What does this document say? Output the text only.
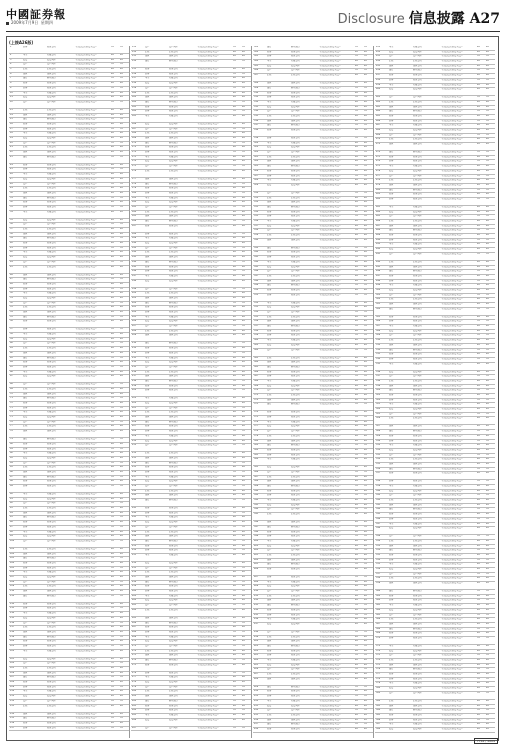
中國証券報
2009年7月9日 星期四	Disclosure 信息披露 A27
(上接A26版)
1	证券	股份公司	个人投资者出资入资户	55	55
2	基金	有限公司	个人投资者出资入资户	26	26
3	投资	投资管理	个人投资者出资入资户	28	28
4	资产	资产管理	个人投资者出资入资户	55	55
5	信托	信托公司	个人投资者出资入资户	26	26
6	保险	保险公司	个人投资者出资入资户	28	28
7	银行	商业银行	个人投资者出资入资户	55	55
8	财务	财务公司	个人投资者出资入资户	26	26
9	证券	股份公司	个人投资者出资入资户	55	55
10	基金	有限公司	个人投资者出资入资户	26	26
11	投资	投资管理	个人投资者出资入资户	28	28
12	资产	资产管理	个人投资者出资入资户	55	55
13	信托	信托公司	个人投资者出资入资户	26	26
14	保险	保险公司	个人投资者出资入资户	28	28
15	银行	商业银行	个人投资者出资入资户	55	55
16	财务	财务公司	个人投资者出资入资户	26	26
17	证券	股份公司	个人投资者出资入资户	55	55
18	基金	有限公司	个人投资者出资入资户	26	26
19	投资	投资管理	个人投资者出资入资户	28	28
20	资产	资产管理	个人投资者出资入资户	55	55
21	信托	信托公司	个人投资者出资入资户	26	26
22	保险	保险公司	个人投资者出资入资户	28	28
23	银行	商业银行	个人投资者出资入资户	55	55
24	财务	财务公司	个人投资者出资入资户	26	26
25	证券	股份公司	个人投资者出资入资户	55	55
26	基金	有限公司	个人投资者出资入资户	26	26
27	投资	投资管理	个人投资者出资入资户	28	28
28	资产	资产管理	个人投资者出资入资户	55	55
29	信托	信托公司	个人投资者出资入资户	26	26
30	保险	保险公司	个人投资者出资入资户	28	28
31	银行	商业银行	个人投资者出资入资户	55	55
32	财务	财务公司	个人投资者出资入资户	26	26
33	证券	股份公司	个人投资者出资入资户	55	55
34	基金	有限公司	个人投资者出资入资户	26	26
35	投资	投资管理	个人投资者出资入资户	28	28
36	资产	资产管理	个人投资者出资入资户	55	55
37	信托	信托公司	个人投资者出资入资户	26	26
38	保险	保险公司	个人投资者出资入资户	28	28
39	银行	商业银行	个人投资者出资入资户	55	55
40	财务	财务公司	个人投资者出资入资户	26	26
41	证券	股份公司	个人投资者出资入资户	55	55
42	基金	有限公司	个人投资者出资入资户	26	26
43	投资	投资管理	个人投资者出资入资户	28	28
44	资产	资产管理	个人投资者出资入资户	55	55
45	信托	信托公司	个人投资者出资入资户	26	26
46	保险	保险公司	个人投资者出资入资户	28	28
47	银行	商业银行	个人投资者出资入资户	55	55
48	财务	财务公司	个人投资者出资入资户	26	26
49	证券	股份公司	个人投资者出资入资户	55	55
50	基金	有限公司	个人投资者出资入资户	26	26
51	投资	投资管理	个人投资者出资入资户	28	28
52	资产	资产管理	个人投资者出资入资户	55	55
53	信托	信托公司	个人投资者出资入资户	26	26
54	保险	保险公司	个人投资者出资入资户	28	28
55	银行	商业银行	个人投资者出资入资户	55	55
56	财务	财务公司	个人投资者出资入资户	26	26
57	证券	股份公司	个人投资者出资入资户	55	55
58	基金	有限公司	个人投资者出资入资户	26	26
59	投资	投资管理	个人投资者出资入资户	28	28
60	资产	资产管理	个人投资者出资入资户	55	55
61	信托	信托公司	个人投资者出资入资户	26	26
62	保险	保险公司	个人投资者出资入资户	28	28
63	银行	商业银行	个人投资者出资入资户	55	55
64	财务	财务公司	个人投资者出资入资户	26	26
65	证券	股份公司	个人投资者出资入资户	55	55
66	基金	有限公司	个人投资者出资入资户	26	26
67	投资	投资管理	个人投资者出资入资户	28	28
68	资产	资产管理	个人投资者出资入资户	55	55
69	信托	信托公司	个人投资者出资入资户	26	26
70	保险	保险公司	个人投资者出资入资户	28	28
71	银行	商业银行	个人投资者出资入资户	55	55
72	财务	财务公司	个人投资者出资入资户	26	26
73	证券	股份公司	个人投资者出资入资户	55	55
74	基金	有限公司	个人投资者出资入资户	26	26
75	投资	投资管理	个人投资者出资入资户	28	28
76	资产	资产管理	个人投资者出资入资户	55	55
77	信托	信托公司	个人投资者出资入资户	26	26
78	保险	保险公司	个人投资者出资入资户	28	28
79	银行	商业银行	个人投资者出资入资户	55	55
80	财务	财务公司	个人投资者出资入资户	26	26
81	证券	股份公司	个人投资者出资入资户	55	55
82	基金	有限公司	个人投资者出资入资户	26	26
83	投资	投资管理	个人投资者出资入资户	28	28
84	资产	资产管理	个人投资者出资入资户	55	55
85	信托	信托公司	个人投资者出资入资户	26	26
86	保险	保险公司	个人投资者出资入资户	28	28
87	银行	商业银行	个人投资者出资入资户	55	55
88	财务	财务公司	个人投资者出资入资户	26	26
89	证券	股份公司	个人投资者出资入资户	55	55
90	基金	有限公司	个人投资者出资入资户	26	26
91	投资	投资管理	个人投资者出资入资户	28	28
92	资产	资产管理	个人投资者出资入资户	55	55
93	信托	信托公司	个人投资者出资入资户	26	26
94	保险	保险公司	个人投资者出资入资户	28	28
95	银行	商业银行	个人投资者出资入资户	55	55
96	财务	财务公司	个人投资者出资入资户	26	26
97	证券	股份公司	个人投资者出资入资户	55	55
98	基金	有限公司	个人投资者出资入资户	26	26
99	投资	投资管理	个人投资者出资入资户	28	28
100	资产	资产管理	个人投资者出资入资户	55	55
101	信托	信托公司	个人投资者出资入资户	26	26
102	保险	保险公司	个人投资者出资入资户	28	28
103	银行	商业银行	个人投资者出资入资户	55	55
104	财务	财务公司	个人投资者出资入资户	26	26
105	证券	股份公司	个人投资者出资入资户	55	55
106	基金	有限公司	个人投资者出资入资户	26	26
107	投资	投资管理	个人投资者出资入资户	28	28
108	资产	资产管理	个人投资者出资入资户	55	55
109	信托	信托公司	个人投资者出资入资户	26	26
110	保险	保险公司	个人投资者出资入资户	28	28
111	银行	商业银行	个人投资者出资入资户	55	55
112	财务	财务公司	个人投资者出资入资户	26	26
113	证券	股份公司	个人投资者出资入资户	55	55
114	基金	有限公司	个人投资者出资入资户	26	26
115	投资	投资管理	个人投资者出资入资户	28	28
116	资产	资产管理	个人投资者出资入资户	55	55
117	信托	信托公司	个人投资者出资入资户	26	26
118	保险	保险公司	个人投资者出资入资户	28	28
119	银行	商业银行	个人投资者出资入资户	55	55
120	财务	财务公司	个人投资者出资入资户	26	26
121	证券	股份公司	个人投资者出资入资户	55	55
122	基金	有限公司	个人投资者出资入资户	26	26
123	投资	投资管理	个人投资者出资入资户	28	28
124	资产	资产管理	个人投资者出资入资户	55	55
125	信托	信托公司	个人投资者出资入资户	26	26
126	保险	保险公司	个人投资者出资入资户	28	28
127	银行	商业银行	个人投资者出资入资户	55	55
128	财务	财务公司	个人投资者出资入资户	26	26
129	证券	股份公司	个人投资者出资入资户	55	55
130	基金	有限公司	个人投资者出资入资户	26	26
131	投资	投资管理	个人投资者出资入资户	28	28
132	资产	资产管理	个人投资者出资入资户	55	55
133	信托	信托公司	个人投资者出资入资户	26	26
134	保险	保险公司	个人投资者出资入资户	28	28
135	银行	商业银行	个人投资者出资入资户	55	55
136	财务	财务公司	个人投资者出资入资户	26	26
137	证券	股份公司	个人投资者出资入资户	55	55
151	资产	资产管理	个人投资者出资入资户	55	55
152	信托	信托公司	个人投资者出资入资户	26	26
153	保险	保险公司	个人投资者出资入资户	28	28
154	银行	商业银行	个人投资者出资入资户	55	55
155	财务	财务公司	个人投资者出资入资户	26	26
156	证券	股份公司	个人投资者出资入资户	55	55
157	基金	有限公司	个人投资者出资入资户	26	26
158	投资	投资管理	个人投资者出资入资户	28	28
159	资产	资产管理	个人投资者出资入资户	55	55
160	信托	信托公司	个人投资者出资入资户	26	26
161	保险	保险公司	个人投资者出资入资户	28	28
162	银行	商业银行	个人投资者出资入资户	55	55
163	财务	财务公司	个人投资者出资入资户	26	26
164	证券	股份公司	个人投资者出资入资户	55	55
165	基金	有限公司	个人投资者出资入资户	26	26
166	投资	投资管理	个人投资者出资入资户	28	28
167	资产	资产管理	个人投资者出资入资户	55	55
168	信托	信托公司	个人投资者出资入资户	26	26
169	保险	保险公司	个人投资者出资入资户	28	28
170	银行	商业银行	个人投资者出资入资户	55	55
171	财务	财务公司	个人投资者出资入资户	26	26
172	证券	股份公司	个人投资者出资入资户	55	55
173	基金	有限公司	个人投资者出资入资户	26	26
174	投资	投资管理	个人投资者出资入资户	28	28
175	资产	资产管理	个人投资者出资入资户	55	55
176	信托	信托公司	个人投资者出资入资户	26	26
177	保险	保险公司	个人投资者出资入资户	28	28
178	银行	商业银行	个人投资者出资入资户	55	55
179	财务	财务公司	个人投资者出资入资户	26	26
180	证券	股份公司	个人投资者出资入资户	55	55
181	基金	有限公司	个人投资者出资入资户	26	26
182	投资	投资管理	个人投资者出资入资户	28	28
183	资产	资产管理	个人投资者出资入资户	55	55
184	信托	信托公司	个人投资者出资入资户	26	26
185	保险	保险公司	个人投资者出资入资户	28	28
186	银行	商业银行	个人投资者出资入资户	55	55
187	财务	财务公司	个人投资者出资入资户	26	26
188	证券	股份公司	个人投资者出资入资户	55	55
189	基金	有限公司	个人投资者出资入资户	26	26
190	投资	投资管理	个人投资者出资入资户	28	28
191	资产	资产管理	个人投资者出资入资户	55	55
192	信托	信托公司	个人投资者出资入资户	26	26
193	保险	保险公司	个人投资者出资入资户	28	28
194	银行	商业银行	个人投资者出资入资户	55	55
195	财务	财务公司	个人投资者出资入资户	26	26
196	证券	股份公司	个人投资者出资入资户	55	55
197	基金	有限公司	个人投资者出资入资户	26	26
198	投资	投资管理	个人投资者出资入资户	28	28
199	资产	资产管理	个人投资者出资入资户	55	55
200	信托	信托公司	个人投资者出资入资户	26	26
201	保险	保险公司	个人投资者出资入资户	28	28
202	银行	商业银行	个人投资者出资入资户	55	55
203	财务	财务公司	个人投资者出资入资户	26	26
204	证券	股份公司	个人投资者出资入资户	55	55
205	基金	有限公司	个人投资者出资入资户	26	26
206	投资	投资管理	个人投资者出资入资户	28	28
207	资产	资产管理	个人投资者出资入资户	55	55
208	信托	信托公司	个人投资者出资入资户	26	26
209	保险	保险公司	个人投资者出资入资户	28	28
210	银行	商业银行	个人投资者出资入资户	55	55
211	财务	财务公司	个人投资者出资入资户	26	26
212	证券	股份公司	个人投资者出资入资户	55	55
213	基金	有限公司	个人投资者出资入资户	26	26
214	投资	投资管理	个人投资者出资入资户	28	28
215	资产	资产管理	个人投资者出资入资户	55	55
216	信托	信托公司	个人投资者出资入资户	26	26
217	保险	保险公司	个人投资者出资入资户	28	28
218	银行	商业银行	个人投资者出资入资户	55	55
219	财务	财务公司	个人投资者出资入资户	26	26
220	证券	股份公司	个人投资者出资入资户	55	55
221	基金	有限公司	个人投资者出资入资户	26	26
222	投资	投资管理	个人投资者出资入资户	28	28
223	资产	资产管理	个人投资者出资入资户	55	55
224	信托	信托公司	个人投资者出资入资户	26	26
225	保险	保险公司	个人投资者出资入资户	28	28
226	银行	商业银行	个人投资者出资入资户	55	55
227	财务	财务公司	个人投资者出资入资户	26	26
228	证券	股份公司	个人投资者出资入资户	55	55
229	基金	有限公司	个人投资者出资入资户	26	26
230	投资	投资管理	个人投资者出资入资户	28	28
231	资产	资产管理	个人投资者出资入资户	55	55
232	信托	信托公司	个人投资者出资入资户	26	26
233	保险	保险公司	个人投资者出资入资户	28	28
234	银行	商业银行	个人投资者出资入资户	55	55
235	财务	财务公司	个人投资者出资入资户	26	26
236	证券	股份公司	个人投资者出资入资户	55	55
237	基金	有限公司	个人投资者出资入资户	26	26
238	投资	投资管理	个人投资者出资入资户	28	28
239	资产	资产管理	个人投资者出资入资户	55	55
240	信托	信托公司	个人投资者出资入资户	26	26
241	保险	保险公司	个人投资者出资入资户	28	28
242	银行	商业银行	个人投资者出资入资户	55	55
243	财务	财务公司	个人投资者出资入资户	26	26
244	证券	股份公司	个人投资者出资入资户	55	55
245	基金	有限公司	个人投资者出资入资户	26	26
246	投资	投资管理	个人投资者出资入资户	28	28
247	资产	资产管理	个人投资者出资入资户	55	55
248	信托	信托公司	个人投资者出资入资户	26	26
249	保险	保险公司	个人投资者出资入资户	28	28
250	银行	商业银行	个人投资者出资入资户	55	55
251	财务	财务公司	个人投资者出资入资户	26	26
252	证券	股份公司	个人投资者出资入资户	55	55
253	基金	有限公司	个人投资者出资入资户	26	26
254	投资	投资管理	个人投资者出资入资户	28	28
255	资产	资产管理	个人投资者出资入资户	55	55
256	信托	信托公司	个人投资者出资入资户	26	26
257	保险	保险公司	个人投资者出资入资户	28	28
258	银行	商业银行	个人投资者出资入资户	55	55
259	财务	财务公司	个人投资者出资入资户	26	26
260	证券	股份公司	个人投资者出资入资户	55	55
261	基金	有限公司	个人投资者出资入资户	26	26
262	投资	投资管理	个人投资者出资入资户	28	28
263	资产	资产管理	个人投资者出资入资户	55	55
264	信托	信托公司	个人投资者出资入资户	26	26
265	保险	保险公司	个人投资者出资入资户	28	28
266	银行	商业银行	个人投资者出资入资户	55	55
267	财务	财务公司	个人投资者出资入资户	26	26
268	证券	股份公司	个人投资者出资入资户	55	55
269	基金	有限公司	个人投资者出资入资户	26	26
270	投资	投资管理	个人投资者出资入资户	28	28
271	资产	资产管理	个人投资者出资入资户	55	55
272	信托	信托公司	个人投资者出资入资户	26	26
273	保险	保险公司	个人投资者出资入资户	28	28
274	银行	商业银行	个人投资者出资入资户	55	55
275	财务	财务公司	个人投资者出资入资户	26	26
276	证券	股份公司	个人投资者出资入资户	55	55
277	基金	有限公司	个人投资者出资入资户	26	26
278	投资	投资管理	个人投资者出资入资户	28	28
279	资产	资产管理	个人投资者出资入资户	55	55
280	信托	信托公司	个人投资者出资入资户	26	26
281	保险	保险公司	个人投资者出资入资户	28	28
282	银行	商业银行	个人投资者出资入资户	55	55
283	财务	财务公司	个人投资者出资入资户	26	26
284	证券	股份公司	个人投资者出资入资户	55	55
285	基金	有限公司	个人投资者出资入资户	26	26
286	投资	投资管理	个人投资者出资入资户	28	28
287	资产	资产管理	个人投资者出资入资户	55	55
301	银行	商业银行	个人投资者出资入资户	55	55
302	财务	财务公司	个人投资者出资入资户	26	26
303	证券	股份公司	个人投资者出资入资户	55	55
304	基金	有限公司	个人投资者出资入资户	26	26
305	投资	投资管理	个人投资者出资入资户	28	28
306	资产	资产管理	个人投资者出资入资户	55	55
307	信托	信托公司	个人投资者出资入资户	26	26
308	保险	保险公司	个人投资者出资入资户	28	28
309	银行	商业银行	个人投资者出资入资户	55	55
310	财务	财务公司	个人投资者出资入资户	26	26
311	证券	股份公司	个人投资者出资入资户	55	55
312	基金	有限公司	个人投资者出资入资户	26	26
313	投资	投资管理	个人投资者出资入资户	28	28
314	资产	资产管理	个人投资者出资入资户	55	55
315	信托	信托公司	个人投资者出资入资户	26	26
316	保险	保险公司	个人投资者出资入资户	28	28
317	银行	商业银行	个人投资者出资入资户	55	55
318	财务	财务公司	个人投资者出资入资户	26	26
319	证券	股份公司	个人投资者出资入资户	55	55
320	基金	有限公司	个人投资者出资入资户	26	26
321	投资	投资管理	个人投资者出资入资户	28	28
322	资产	资产管理	个人投资者出资入资户	55	55
323	信托	信托公司	个人投资者出资入资户	26	26
324	保险	保险公司	个人投资者出资入资户	28	28
325	银行	商业银行	个人投资者出资入资户	55	55
326	财务	财务公司	个人投资者出资入资户	26	26
327	证券	股份公司	个人投资者出资入资户	55	55
328	基金	有限公司	个人投资者出资入资户	26	26
329	投资	投资管理	个人投资者出资入资户	28	28
330	资产	资产管理	个人投资者出资入资户	55	55
331	信托	信托公司	个人投资者出资入资户	26	26
332	保险	保险公司	个人投资者出资入资户	28	28
333	银行	商业银行	个人投资者出资入资户	55	55
334	财务	财务公司	个人投资者出资入资户	26	26
335	证券	股份公司	个人投资者出资入资户	55	55
336	基金	有限公司	个人投资者出资入资户	26	26
337	投资	投资管理	个人投资者出资入资户	28	28
338	资产	资产管理	个人投资者出资入资户	55	55
339	信托	信托公司	个人投资者出资入资户	26	26
340	保险	保险公司	个人投资者出资入资户	28	28
341	银行	商业银行	个人投资者出资入资户	55	55
342	财务	财务公司	个人投资者出资入资户	26	26
343	证券	股份公司	个人投资者出资入资户	55	55
344	基金	有限公司	个人投资者出资入资户	26	26
345	投资	投资管理	个人投资者出资入资户	28	28
346	资产	资产管理	个人投资者出资入资户	55	55
347	信托	信托公司	个人投资者出资入资户	26	26
348	保险	保险公司	个人投资者出资入资户	28	28
349	银行	商业银行	个人投资者出资入资户	55	55
350	财务	财务公司	个人投资者出资入资户	26	26
351	证券	股份公司	个人投资者出资入资户	55	55
352	基金	有限公司	个人投资者出资入资户	26	26
353	投资	投资管理	个人投资者出资入资户	28	28
354	资产	资产管理	个人投资者出资入资户	55	55
355	信托	信托公司	个人投资者出资入资户	26	26
356	保险	保险公司	个人投资者出资入资户	28	28
357	银行	商业银行	个人投资者出资入资户	55	55
358	财务	财务公司	个人投资者出资入资户	26	26
359	证券	股份公司	个人投资者出资入资户	55	55
360	基金	有限公司	个人投资者出资入资户	26	26
361	投资	投资管理	个人投资者出资入资户	28	28
362	资产	资产管理	个人投资者出资入资户	55	55
363	信托	信托公司	个人投资者出资入资户	26	26
364	保险	保险公司	个人投资者出资入资户	28	28
365	银行	商业银行	个人投资者出资入资户	55	55
366	财务	财务公司	个人投资者出资入资户	26	26
367	证券	股份公司	个人投资者出资入资户	55	55
368	基金	有限公司	个人投资者出资入资户	26	26
369	投资	投资管理	个人投资者出资入资户	28	28
370	资产	资产管理	个人投资者出资入资户	55	55
371	信托	信托公司	个人投资者出资入资户	26	26
372	保险	保险公司	个人投资者出资入资户	28	28
373	银行	商业银行	个人投资者出资入资户	55	55
374	财务	财务公司	个人投资者出资入资户	26	26
375	证券	股份公司	个人投资者出资入资户	55	55
376	基金	有限公司	个人投资者出资入资户	26	26
377	投资	投资管理	个人投资者出资入资户	28	28
378	资产	资产管理	个人投资者出资入资户	55	55
379	信托	信托公司	个人投资者出资入资户	26	26
380	保险	保险公司	个人投资者出资入资户	28	28
381	银行	商业银行	个人投资者出资入资户	55	55
382	财务	财务公司	个人投资者出资入资户	26	26
383	证券	股份公司	个人投资者出资入资户	55	55
384	基金	有限公司	个人投资者出资入资户	26	26
385	投资	投资管理	个人投资者出资入资户	28	28
386	资产	资产管理	个人投资者出资入资户	55	55
387	信托	信托公司	个人投资者出资入资户	26	26
388	保险	保险公司	个人投资者出资入资户	28	28
389	银行	商业银行	个人投资者出资入资户	55	55
390	财务	财务公司	个人投资者出资入资户	26	26
391	证券	股份公司	个人投资者出资入资户	55	55
392	基金	有限公司	个人投资者出资入资户	26	26
393	投资	投资管理	个人投资者出资入资户	28	28
394	资产	资产管理	个人投资者出资入资户	55	55
395	信托	信托公司	个人投资者出资入资户	26	26
396	保险	保险公司	个人投资者出资入资户	28	28
397	银行	商业银行	个人投资者出资入资户	55	55
398	财务	财务公司	个人投资者出资入资户	26	26
399	证券	股份公司	个人投资者出资入资户	55	55
400	基金	有限公司	个人投资者出资入资户	26	26
401	投资	投资管理	个人投资者出资入资户	28	28
402	资产	资产管理	个人投资者出资入资户	55	55
403	信托	信托公司	个人投资者出资入资户	26	26
404	保险	保险公司	个人投资者出资入资户	28	28
405	银行	商业银行	个人投资者出资入资户	55	55
406	财务	财务公司	个人投资者出资入资户	26	26
407	证券	股份公司	个人投资者出资入资户	55	55
408	基金	有限公司	个人投资者出资入资户	26	26
409	投资	投资管理	个人投资者出资入资户	28	28
410	资产	资产管理	个人投资者出资入资户	55	55
411	信托	信托公司	个人投资者出资入资户	26	26
412	保险	保险公司	个人投资者出资入资户	28	28
413	银行	商业银行	个人投资者出资入资户	55	55
414	财务	财务公司	个人投资者出资入资户	26	26
415	证券	股份公司	个人投资者出资入资户	55	55
416	基金	有限公司	个人投资者出资入资户	26	26
417	投资	投资管理	个人投资者出资入资户	28	28
418	资产	资产管理	个人投资者出资入资户	55	55
419	信托	信托公司	个人投资者出资入资户	26	26
420	保险	保险公司	个人投资者出资入资户	28	28
421	银行	商业银行	个人投资者出资入资户	55	55
422	财务	财务公司	个人投资者出资入资户	26	26
423	证券	股份公司	个人投资者出资入资户	55	55
424	基金	有限公司	个人投资者出资入资户	26	26
425	投资	投资管理	个人投资者出资入资户	28	28
426	资产	资产管理	个人投资者出资入资户	55	55
427	信托	信托公司	个人投资者出资入资户	26	26
428	保险	保险公司	个人投资者出资入资户	28	28
429	银行	商业银行	个人投资者出资入资户	55	55
430	财务	财务公司	个人投资者出资入资户	26	26
431	证券	股份公司	个人投资者出资入资户	55	55
432	基金	有限公司	个人投资者出资入资户	26	26
433	投资	投资管理	个人投资者出资入资户	28	28
434	资产	资产管理	个人投资者出资入资户	55	55
435	信托	信托公司	个人投资者出资入资户	26	26
436	保险	保险公司	个人投资者出资入资户	28	28
437	银行	商业银行	个人投资者出资入资户	55	55
438	财务	财务公司	个人投资者出资入资户	26	26
451	基金	有限公司	个人投资者出资入资户	26	26
452	投资	投资管理	个人投资者出资入资户	28	28
453	资产	资产管理	个人投资者出资入资户	55	55
454	信托	信托公司	个人投资者出资入资户	26	26
455	保险	保险公司	个人投资者出资入资户	28	28
456	银行	商业银行	个人投资者出资入资户	55	55
457	财务	财务公司	个人投资者出资入资户	26	26
458	证券	股份公司	个人投资者出资入资户	55	55
459	基金	有限公司	个人投资者出资入资户	26	26
460	投资	投资管理	个人投资者出资入资户	28	28
461	资产	资产管理	个人投资者出资入资户	55	55
462	信托	信托公司	个人投资者出资入资户	26	26
463	保险	保险公司	个人投资者出资入资户	28	28
464	银行	商业银行	个人投资者出资入资户	55	55
465	财务	财务公司	个人投资者出资入资户	26	26
466	证券	股份公司	个人投资者出资入资户	55	55
467	基金	有限公司	个人投资者出资入资户	26	26
468	投资	投资管理	个人投资者出资入资户	28	28
469	资产	资产管理	个人投资者出资入资户	55	55
470	信托	信托公司	个人投资者出资入资户	26	26
471	保险	保险公司	个人投资者出资入资户	28	28
472	银行	商业银行	个人投资者出资入资户	55	55
473	财务	财务公司	个人投资者出资入资户	26	26
474	证券	股份公司	个人投资者出资入资户	55	55
475	基金	有限公司	个人投资者出资入资户	26	26
476	投资	投资管理	个人投资者出资入资户	28	28
477	资产	资产管理	个人投资者出资入资户	55	55
478	信托	信托公司	个人投资者出资入资户	26	26
479	保险	保险公司	个人投资者出资入资户	28	28
480	银行	商业银行	个人投资者出资入资户	55	55
481	财务	财务公司	个人投资者出资入资户	26	26
482	证券	股份公司	个人投资者出资入资户	55	55
483	基金	有限公司	个人投资者出资入资户	26	26
484	投资	投资管理	个人投资者出资入资户	28	28
485	资产	资产管理	个人投资者出资入资户	55	55
486	信托	信托公司	个人投资者出资入资户	26	26
487	保险	保险公司	个人投资者出资入资户	28	28
488	银行	商业银行	个人投资者出资入资户	55	55
489	财务	财务公司	个人投资者出资入资户	26	26
490	证券	股份公司	个人投资者出资入资户	55	55
491	基金	有限公司	个人投资者出资入资户	26	26
492	投资	投资管理	个人投资者出资入资户	28	28
493	资产	资产管理	个人投资者出资入资户	55	55
494	信托	信托公司	个人投资者出资入资户	26	26
495	保险	保险公司	个人投资者出资入资户	28	28
496	银行	商业银行	个人投资者出资入资户	55	55
497	财务	财务公司	个人投资者出资入资户	26	26
498	证券	股份公司	个人投资者出资入资户	55	55
499	基金	有限公司	个人投资者出资入资户	26	26
500	投资	投资管理	个人投资者出资入资户	28	28
501	资产	资产管理	个人投资者出资入资户	55	55
502	信托	信托公司	个人投资者出资入资户	26	26
503	保险	保险公司	个人投资者出资入资户	28	28
504	银行	商业银行	个人投资者出资入资户	55	55
505	财务	财务公司	个人投资者出资入资户	26	26
506	证券	股份公司	个人投资者出资入资户	55	55
507	基金	有限公司	个人投资者出资入资户	26	26
508	投资	投资管理	个人投资者出资入资户	28	28
509	资产	资产管理	个人投资者出资入资户	55	55
510	信托	信托公司	个人投资者出资入资户	26	26
511	保险	保险公司	个人投资者出资入资户	28	28
512	银行	商业银行	个人投资者出资入资户	55	55
513	财务	财务公司	个人投资者出资入资户	26	26
514	证券	股份公司	个人投资者出资入资户	55	55
515	基金	有限公司	个人投资者出资入资户	26	26
516	投资	投资管理	个人投资者出资入资户	28	28
517	资产	资产管理	个人投资者出资入资户	55	55
518	信托	信托公司	个人投资者出资入资户	26	26
519	保险	保险公司	个人投资者出资入资户	28	28
520	银行	商业银行	个人投资者出资入资户	55	55
521	财务	财务公司	个人投资者出资入资户	26	26
522	证券	股份公司	个人投资者出资入资户	55	55
523	基金	有限公司	个人投资者出资入资户	26	26
524	投资	投资管理	个人投资者出资入资户	28	28
525	资产	资产管理	个人投资者出资入资户	55	55
526	信托	信托公司	个人投资者出资入资户	26	26
527	保险	保险公司	个人投资者出资入资户	28	28
528	银行	商业银行	个人投资者出资入资户	55	55
529	财务	财务公司	个人投资者出资入资户	26	26
530	证券	股份公司	个人投资者出资入资户	55	55
531	基金	有限公司	个人投资者出资入资户	26	26
532	投资	投资管理	个人投资者出资入资户	28	28
533	资产	资产管理	个人投资者出资入资户	55	55
534	信托	信托公司	个人投资者出资入资户	26	26
535	保险	保险公司	个人投资者出资入资户	28	28
536	银行	商业银行	个人投资者出资入资户	55	55
537	财务	财务公司	个人投资者出资入资户	26	26
538	证券	股份公司	个人投资者出资入资户	55	55
539	基金	有限公司	个人投资者出资入资户	26	26
540	投资	投资管理	个人投资者出资入资户	28	28
541	资产	资产管理	个人投资者出资入资户	55	55
542	信托	信托公司	个人投资者出资入资户	26	26
543	保险	保险公司	个人投资者出资入资户	28	28
544	银行	商业银行	个人投资者出资入资户	55	55
545	财务	财务公司	个人投资者出资入资户	26	26
546	证券	股份公司	个人投资者出资入资户	55	55
547	基金	有限公司	个人投资者出资入资户	26	26
548	投资	投资管理	个人投资者出资入资户	28	28
549	资产	资产管理	个人投资者出资入资户	55	55
550	信托	信托公司	个人投资者出资入资户	26	26
551	保险	保险公司	个人投资者出资入资户	28	28
552	银行	商业银行	个人投资者出资入资户	55	55
553	财务	财务公司	个人投资者出资入资户	26	26
554	证券	股份公司	个人投资者出资入资户	55	55
555	基金	有限公司	个人投资者出资入资户	26	26
556	投资	投资管理	个人投资者出资入资户	28	28
557	资产	资产管理	个人投资者出资入资户	55	55
558	信托	信托公司	个人投资者出资入资户	26	26
559	保险	保险公司	个人投资者出资入资户	28	28
560	银行	商业银行	个人投资者出资入资户	55	55
561	财务	财务公司	个人投资者出资入资户	26	26
562	证券	股份公司	个人投资者出资入资户	55	55
563	基金	有限公司	个人投资者出资入资户	26	26
564	投资	投资管理	个人投资者出资入资户	28	28
565	资产	资产管理	个人投资者出资入资户	55	55
566	信托	信托公司	个人投资者出资入资户	26	26
567	保险	保险公司	个人投资者出资入资户	28	28
568	银行	商业银行	个人投资者出资入资户	55	55
569	财务	财务公司	个人投资者出资入资户	26	26
570	证券	股份公司	个人投资者出资入资户	55	55
571	基金	有限公司	个人投资者出资入资户	26	26
572	投资	投资管理	个人投资者出资入资户	28	28
573	资产	资产管理	个人投资者出资入资户	55	55
574	信托	信托公司	个人投资者出资入资户	26	26
575	保险	保险公司	个人投资者出资入资户	28	28
576	银行	商业银行	个人投资者出资入资户	55	55
577	财务	财务公司	个人投资者出资入资户	26	26
578	证券	股份公司	个人投资者出资入资户	55	55
579	基金	有限公司	个人投资者出资入资户	26	26
580	投资	投资管理	个人投资者出资入资户	28	28
581	资产	资产管理	个人投资者出资入资户	55	55
582	信托	信托公司	个人投资者出资入资户	26	26
583	保险	保险公司	个人投资者出资入资户	28	28
584	银行	商业银行	个人投资者出资入资户	55	55
585	财务	财务公司	个人投资者出资入资户	26	26
586	证券	股份公司	个人投资者出资入资户	55	55
587	基金	有限公司	个人投资者出资入资户	26	26
588	投资	投资管理	个人投资者出资入资户	28	28
7744 / 2009
